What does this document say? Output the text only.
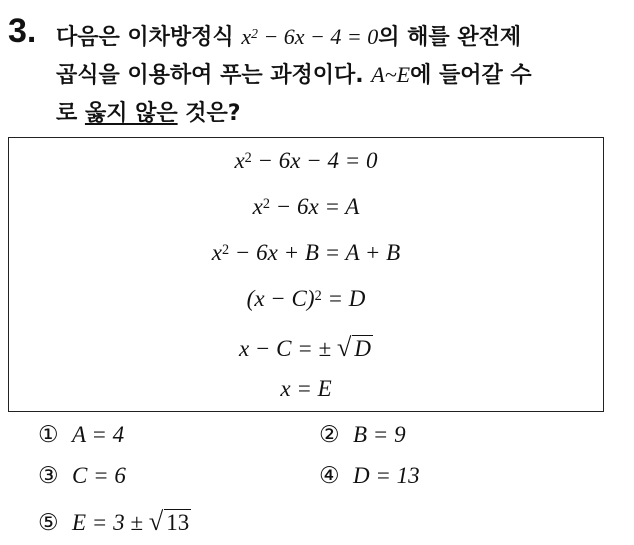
3. 다음은 이차방정식 $x^2 - 6x - 4 = 0$의 해를 완전제
곱식을 이용하여 푸는 과정이다. A~E에 들어갈 수
로 옳지 않은 것은?
$x^2 - 6x - 4 = 0$
$x^2 - 6x = A$
$x^2 - 6x + B = A + B$
$(x - C)^2 = D$
x − C = ± √ D
x = E
① A = 4	② B = 9
③ C = 6	④ D = 13
⑤ E = 3 ± √ 13
